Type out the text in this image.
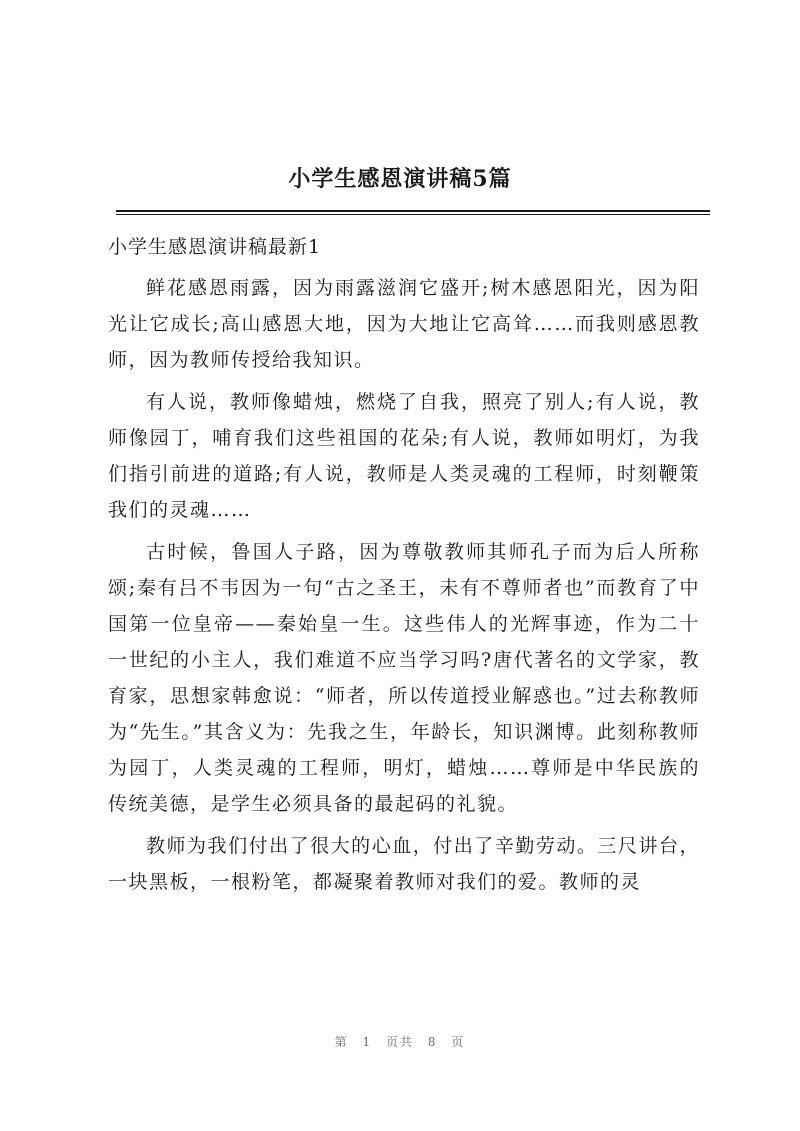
小学生感恩演讲稿5篇
小学生感恩演讲稿最新1

鲜花感恩雨露，因为雨露滋润它盛开;树木感恩阳光，因为阳光让它成长;高山感恩大地，因为大地让它高耸……而我则感恩教师，因为教师传授给我知识。

有人说，教师像蜡烛，燃烧了自我，照亮了别人;有人说，教师像园丁，哺育我们这些祖国的花朵;有人说，教师如明灯，为我们指引前进的道路;有人说，教师是人类灵魂的工程师，时刻鞭策我们的灵魂……

古时候，鲁国人子路，因为尊敬教师其师孔子而为后人所称颂;秦有吕不韦因为一句“古之圣王，未有不尊师者也”而教育了中国第一位皇帝——秦始皇一生。这些伟人的光辉事迹，作为二十一世纪的小主人，我们难道不应当学习吗?唐代著名的文学家，教育家，思想家韩愈说：“师者，所以传道授业解惑也。”过去称教师为“先生。”其含义为：先我之生，年龄长，知识渊博。此刻称教师为园丁，人类灵魂的工程师，明灯，蜡烛……尊师是中华民族的传统美德，是学生必须具备的最起码的礼貌。

教师为我们付出了很大的心血，付出了辛勤劳动。三尺讲台，一块黑板，一根粉笔，都凝聚着教师对我们的爱。教师的灵

第 1 页共 8 页
